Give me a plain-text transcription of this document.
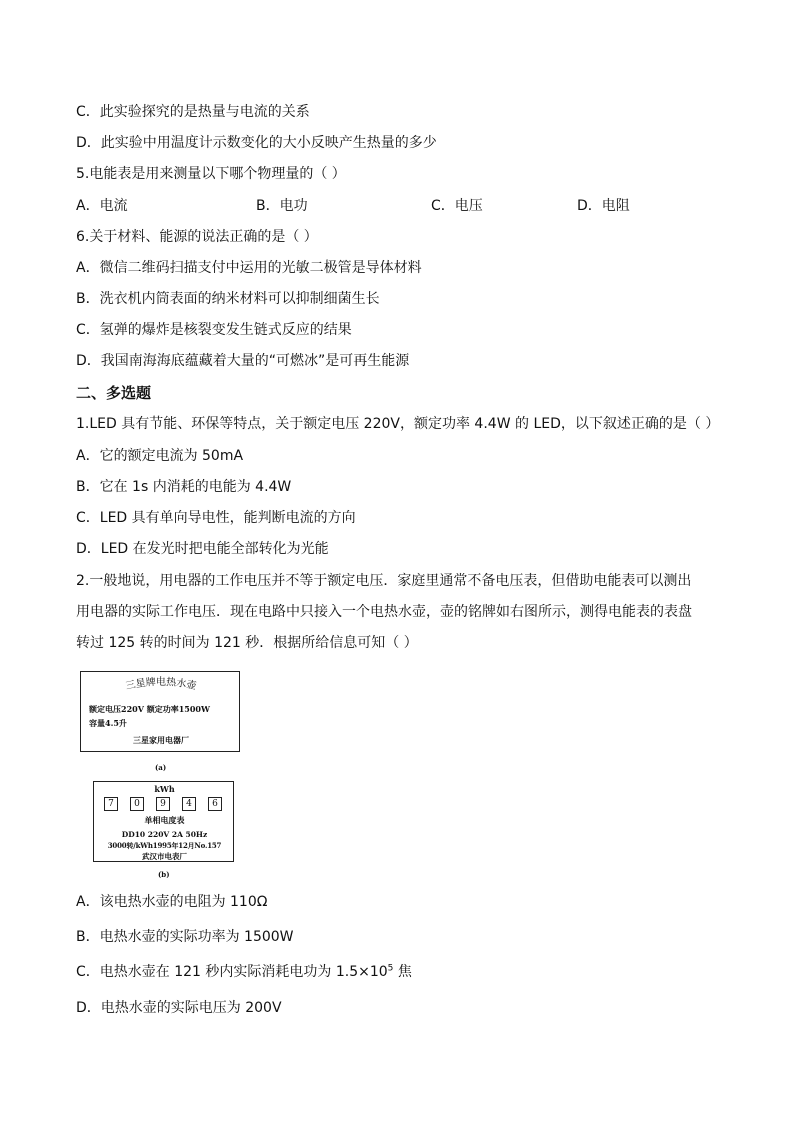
C．此实验探究的是热量与电流的关系
D．此实验中用温度计示数变化的大小反映产生热量的多少
5.电能表是用来测量以下哪个物理量的（ ）
A．电流	B．电功	C．电压	D．电阻
6.关于材料、能源的说法正确的是（ ）
A．微信二维码扫描支付中运用的光敏二极管是导体材料
B．洗衣机内筒表面的纳米材料可以抑制细菌生长
C．氢弹的爆炸是核裂变发生链式反应的结果
D．我国南海海底蕴藏着大量的“可燃冰”是可再生能源
二、多选题
1.LED 具有节能、环保等特点，关于额定电压 220V，额定功率 4.4W 的 LED，以下叙述正确的是（ ）
A．它的额定电流为 50mA
B．它在 1s 内消耗的电能为 4.4W
C．LED 具有单向导电性，能判断电流的方向
D．LED 在发光时把电能全部转化为光能
2.一般地说，用电器的工作电压并不等于额定电压．家庭里通常不备电压表，但借助电能表可以测出
用电器的实际工作电压．现在电路中只接入一个电热水壶，壶的铭牌如右图所示，测得电能表的表盘
转过 125 转的时间为 121 秒．根据所给信息可知（ ）
三星牌电热水壶
额定电压220V 额定功率1500W
容量4.5升
三星家用电器厂
(a)
kWh
7	0	9	4	6
单相电度表
DD10 220V 2A 50Hz
3000转/kWh1995年12月No.157
武汉市电表厂
(b)
A．该电热水壶的电阻为 110Ω
B．电热水壶的实际功率为 1500W
C．电热水壶在 121 秒内实际消耗电功为 $1.5\times 10^5$ 焦
D．电热水壶的实际电压为 200V
